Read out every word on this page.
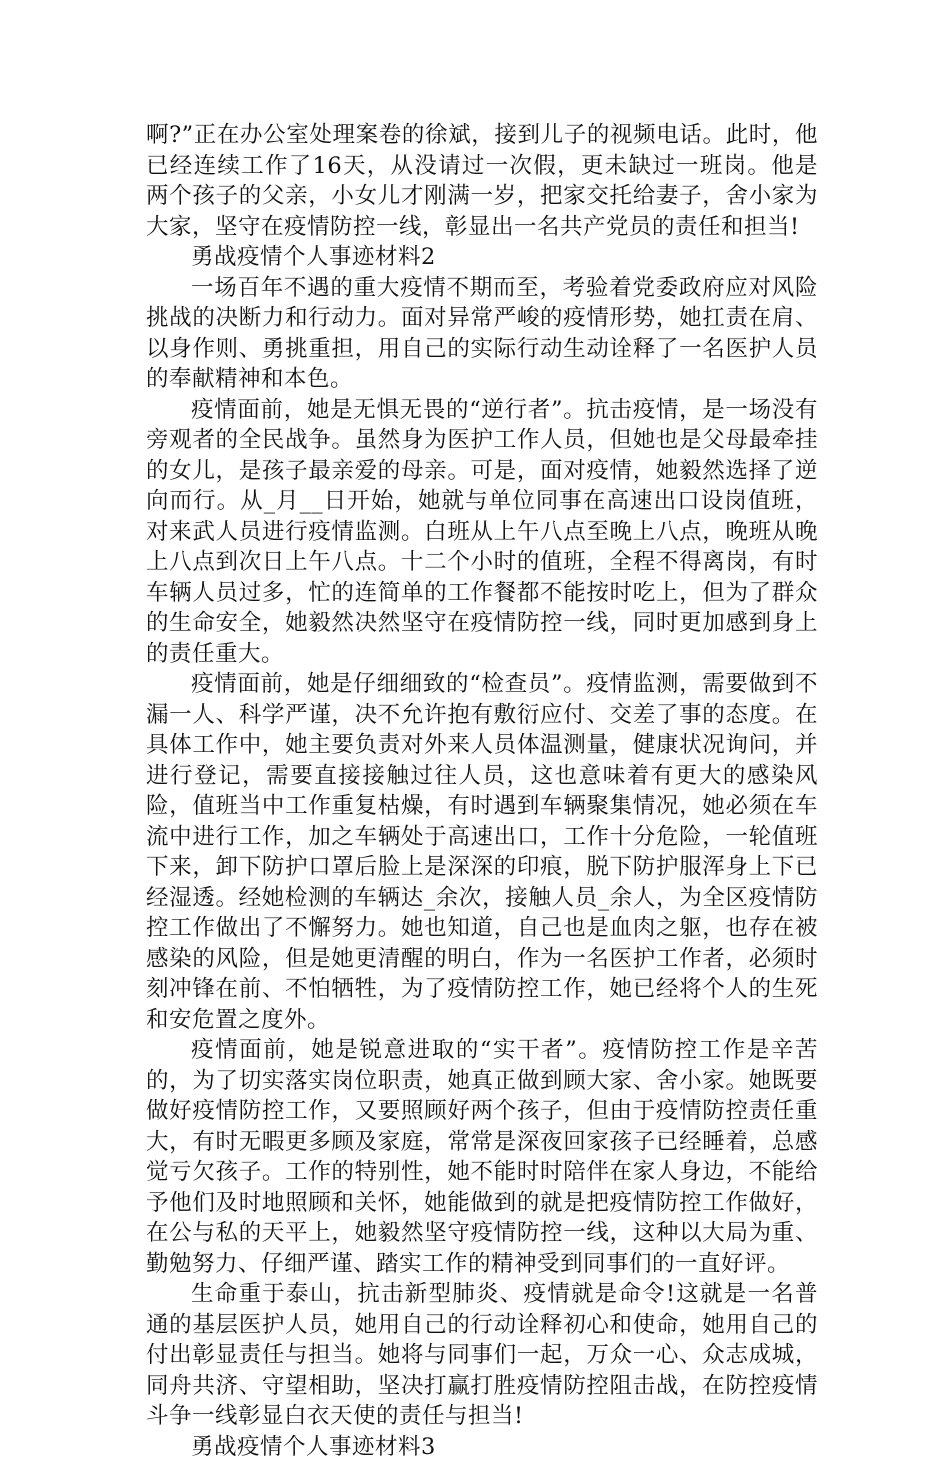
啊?”正在办公室处理案卷的徐斌，接到儿子的视频电话。此时，他已经连续工作了16天，从没请过一次假，更未缺过一班岗。他是两个孩子的父亲，小女儿才刚满一岁，把家交托给妻子，舍小家为大家，坚守在疫情防控一线，彰显出一名共产党员的责任和担当!

勇战疫情个人事迹材料2

一场百年不遇的重大疫情不期而至，考验着党委政府应对风险挑战的决断力和行动力。面对异常严峻的疫情形势，她扛责在肩、以身作则、勇挑重担，用自己的实际行动生动诠释了一名医护人员的奉献精神和本色。

疫情面前，她是无惧无畏的“逆行者”。抗击疫情，是一场没有旁观者的全民战争。虽然身为医护工作人员，但她也是父母最牵挂的女儿，是孩子最亲爱的母亲。可是，面对疫情，她毅然选择了逆向而行。从_月__日开始，她就与单位同事在高速出口设岗值班，对来武人员进行疫情监测。白班从上午八点至晚上八点，晚班从晚上八点到次日上午八点。十二个小时的值班，全程不得离岗，有时车辆人员过多，忙的连简单的工作餐都不能按时吃上，但为了群众的生命安全，她毅然决然坚守在疫情防控一线，同时更加感到身上的责任重大。

疫情面前，她是仔细细致的“检查员”。疫情监测，需要做到不漏一人、科学严谨，决不允许抱有敷衍应付、交差了事的态度。在具体工作中，她主要负责对外来人员体温测量，健康状况询问，并进行登记，需要直接接触过往人员，这也意味着有更大的感染风险，值班当中工作重复枯燥，有时遇到车辆聚集情况，她必须在车流中进行工作，加之车辆处于高速出口，工作十分危险，一轮值班下来，卸下防护口罩后脸上是深深的印痕，脱下防护服浑身上下已经湿透。经她检测的车辆达_余次，接触人员_余人，为全区疫情防控工作做出了不懈努力。她也知道，自己也是血肉之躯，也存在被感染的风险，但是她更清醒的明白，作为一名医护工作者，必须时刻冲锋在前、不怕牺牲，为了疫情防控工作，她已经将个人的生死和安危置之度外。

疫情面前，她是锐意进取的“实干者”。疫情防控工作是辛苦的，为了切实落实岗位职责，她真正做到顾大家、舍小家。她既要做好疫情防控工作，又要照顾好两个孩子，但由于疫情防控责任重大，有时无暇更多顾及家庭，常常是深夜回家孩子已经睡着，总感觉亏欠孩子。工作的特别性，她不能时时陪伴在家人身边，不能给予他们及时地照顾和关怀，她能做到的就是把疫情防控工作做好，在公与私的天平上，她毅然坚守疫情防控一线，这种以大局为重、勤勉努力、仔细严谨、踏实工作的精神受到同事们的一直好评。

生命重于泰山，抗击新型肺炎、疫情就是命令!这就是一名普通的基层医护人员，她用自己的行动诠释初心和使命，她用自己的付出彰显责任与担当。她将与同事们一起，万众一心、众志成城，同舟共济、守望相助，坚决打赢打胜疫情防控阻击战，在防控疫情斗争一线彰显白衣天使的责任与担当!

勇战疫情个人事迹材料3
